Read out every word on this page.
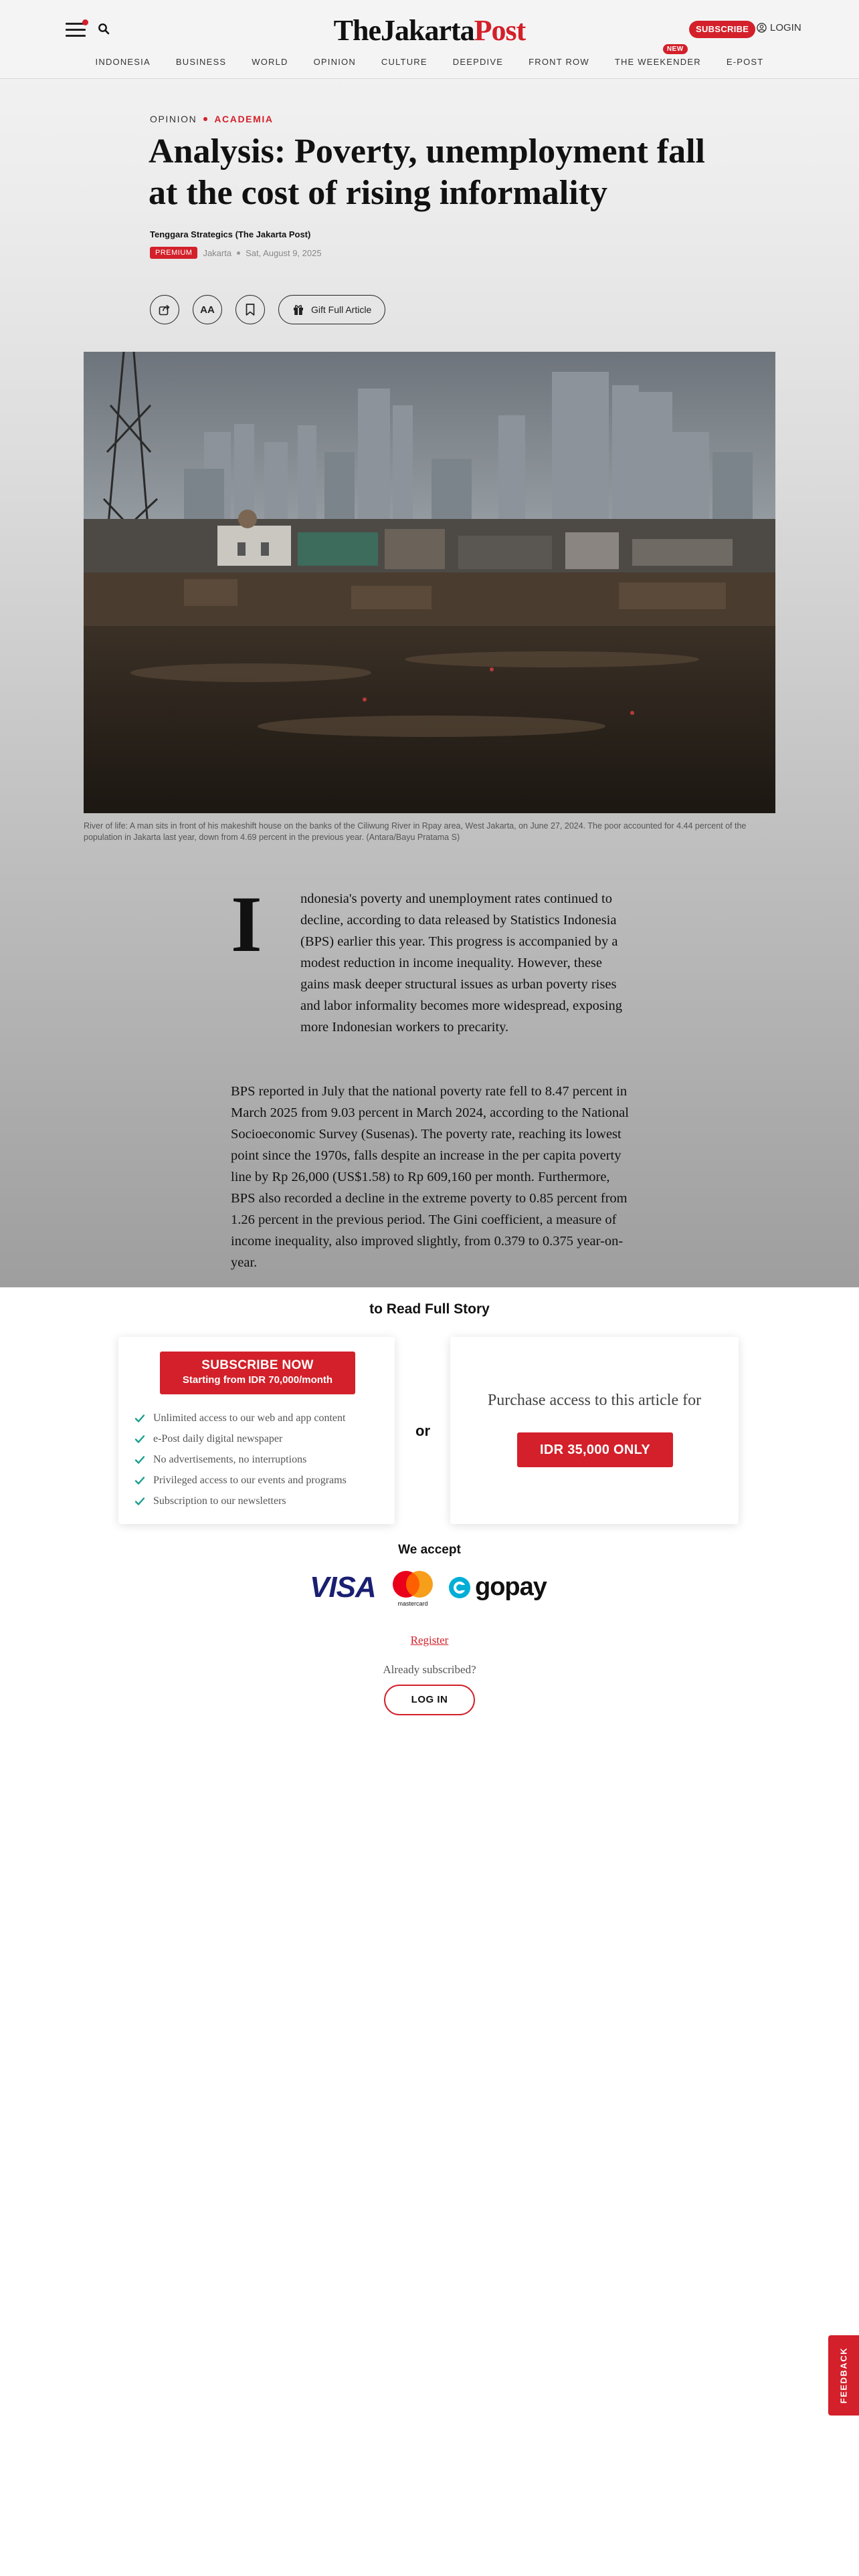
TheJakartaPost	SUBSCRIBE	LOGIN
INDONESIA	BUSINESS	WORLD	OPINION	CULTURE	DEEPDIVE	FRONT ROW	THE WEEKENDER
NEW
E-POST
OPINION ACADEMIA
Analysis: Poverty, unemployment fall at the cost of rising informality
Tenggara Strategics (The Jakarta Post)
PREMIUM	Jakarta Sat, August 9, 2025
AA	Gift Full Article
River of life: A man sits in front of his makeshift house on the banks of the Ciliwung River in Rpay area, West Jakarta, on June 27, 2024. The poor accounted for 4.44 percent of the population in Jakarta last year, down from 4.69 percent in the previous year. (Antara/Bayu Pratama S)
I	ndonesia's poverty and unemployment rates continued to decline, according to data released by Statistics Indonesia (BPS) earlier this year. This progress is accompanied by a modest reduction in income inequality. However, these gains mask deeper structural issues as urban poverty rises and labor informality becomes more widespread, exposing more Indonesian workers to precarity.

BPS reported in July that the national poverty rate fell to 8.47 percent in March 2025 from 9.03 percent in March 2024, according to the National Socioeconomic Survey (Susenas). The poverty rate, reaching its lowest point since the 1970s, falls despite an increase in the per capita poverty line by Rp 26,000 (US$1.58) to Rp 609,160 per month. Furthermore, BPS also recorded a decline in the extreme poverty to 0.85 percent from 1.26 percent in the previous period. The Gini coefficient, a measure of income inequality, also improved slightly, from 0.379 to 0.375 year-on-year.

to Read Full Story
SUBSCRIBE NOW
Starting from IDR 70,000/month
Unlimited access to our web and app content
e-Post daily digital newspaper
No advertisements, no interruptions
Privileged access to our events and programs
Subscription to our newsletters
or
Purchase access to this article for
IDR 35,000 ONLY
We accept
VISA	mastercard
gopay
Register
Already subscribed?
LOG IN
FEEDBACK
